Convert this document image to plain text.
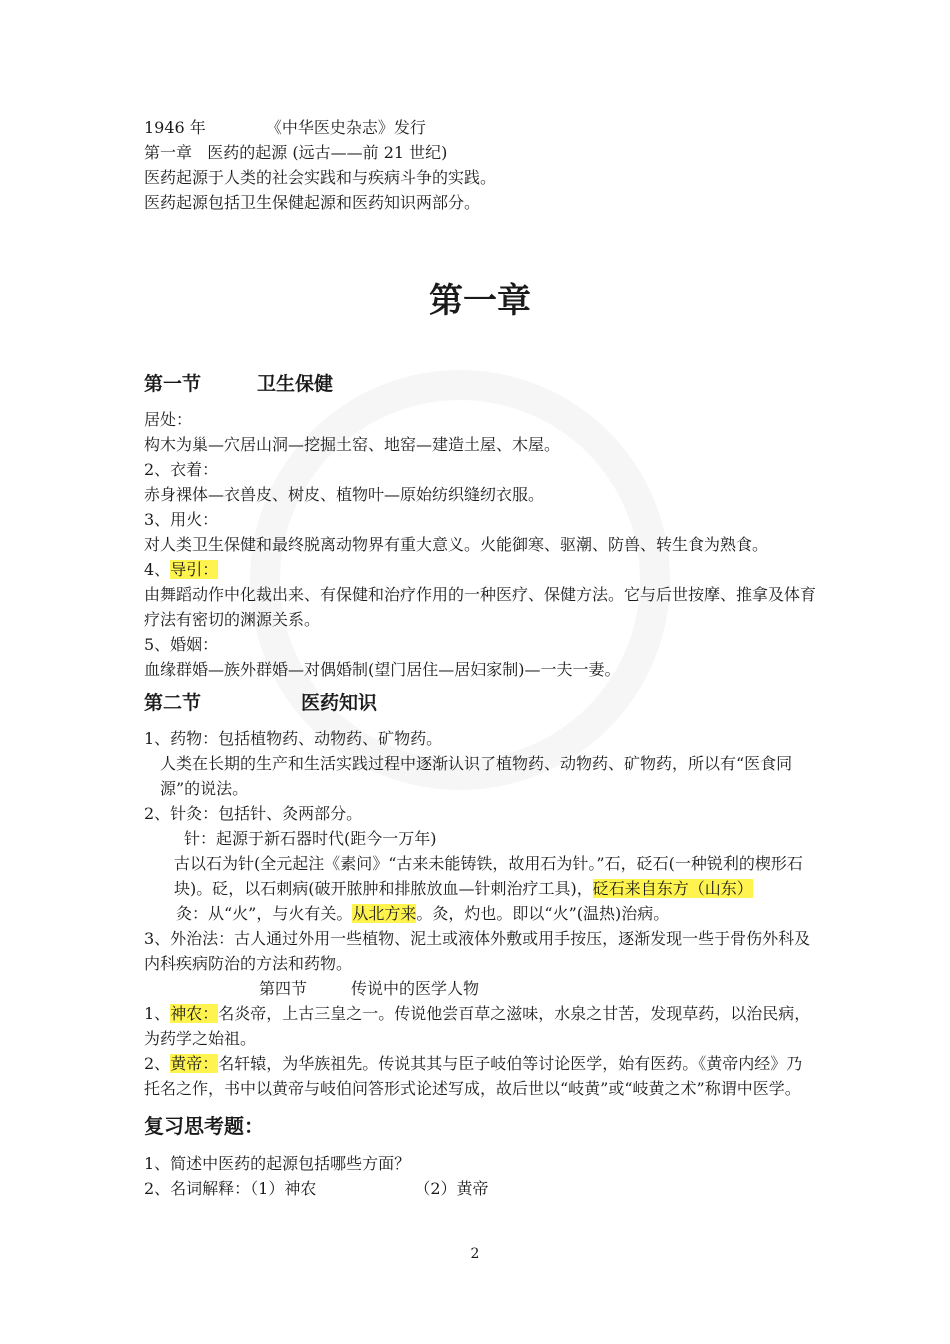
1946 年	《中华医史杂志》发行

第一章 医药的起源 (远古——前 21 世纪)

医药起源于人类的社会实践和与疾病斗争的实践。

医药起源包括卫生保健起源和医药知识两部分。

第一章
第一节	卫生保健

居处：

构木为巢—穴居山洞—挖掘土窑、地窑—建造土屋、木屋。

2、衣着：

赤身裸体—衣兽皮、树皮、植物叶—原始纺织缝纫衣服。

3、用火：

对人类卫生保健和最终脱离动物界有重大意义。火能御寒、驱潮、防兽、转生食为熟食。

4、导引：

由舞蹈动作中化裁出来、有保健和治疗作用的一种医疗、保健方法。它与后世按摩、推拿及体育疗法有密切的渊源关系。

5、婚姻：

血缘群婚—族外群婚—对偶婚制(望门居住—居妇家制)—一夫一妻。

第二节	医药知识

1、药物：包括植物药、动物药、矿物药。

人类在长期的生产和生活实践过程中逐渐认识了植物药、动物药、矿物药，所以有“医食同源”的说法。

2、针灸：包括针、灸两部分。

针：起源于新石器时代(距今一万年)

古以石为针(全元起注《素问》“古来未能铸铁，故用石为针。”石，砭石(一种锐利的楔形石块)。砭，以石刺病(破开脓肿和排脓放血—针刺治疗工具)，砭石来自东方（山东）

灸：从“火”，与火有关。从北方来。灸，灼也。即以“火”(温热)治病。

3、外治法：古人通过外用一些植物、泥土或液体外敷或用手按压，逐渐发现一些于骨伤外科及内科疾病防治的方法和药物。

第四节	传说中的医学人物

1、神农：名炎帝，上古三皇之一。传说他尝百草之滋味，水泉之甘苦，发现草药，以治民病，为药学之始祖。

2、黄帝：名轩辕，为华族祖先。传说其其与臣子岐伯等讨论医学，始有医药。《黄帝内经》乃托名之作，书中以黄帝与岐伯问答形式论述写成，故后世以“岐黄”或“岐黄之术”称谓中医学。

复习思考题：

1、简述中医药的起源包括哪些方面？

2、名词解释：（1）神农	（2）黄帝

2
